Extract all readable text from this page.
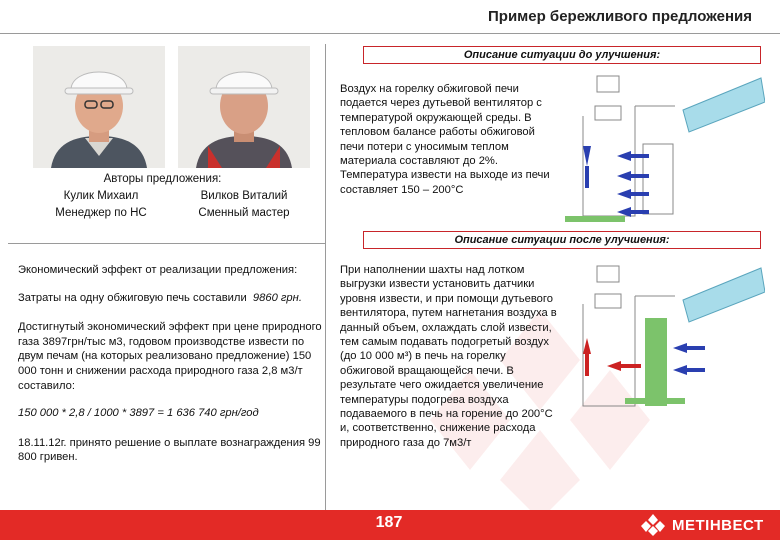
Пример бережливого предложения
Авторы предложения:
Кулик Михаил
Менеджер по НС
Вилков Виталий
Сменный мастер
Описание ситуации до улучшения:
Воздух на горелку обжиговой печи подается через дутьевой вентилятор с температурой окружающей среды. В тепловом балансе работы обжиговой печи потери с уносимым теплом материала составляют до 2%. Температура извести на выходе из печи составляет 150 – 200°С
Описание ситуации после улучшения:
При наполнении шахты над лотком выгрузки извести установить датчики уровня извести, и при помощи дутьевого вентилятора, путем нагнетания воздуха в данный объем, охлаждать слой извести, тем самым подавать подогретый воздух (до 10 000 м³) в печь на горелку обжиговой вращающейся печи. В результате чего ожидается увеличение температуры подогрева воздуха подаваемого в печь на горение до 200°С и, соответственно, снижение расхода природного газа до 7м3/т
Экономический эффект от реализации предложения:
Затраты на одну обжиговую печь составили 9860 грн.
Достигнутый экономический эффект при цене природного газа 3897грн/тыс м3, годовом производстве извести по двум печам (на которых реализовано предложение) 150 000 тонн и снижении расхода природного газа 2,8 м3/т составило:
150 000 * 2,8 / 1000 * 3897 = 1 636 740 грн/год
18.11.12г. принято решение о выплате вознаграждения 99 800 гривен.
187	МЕТІНВЕСТ
